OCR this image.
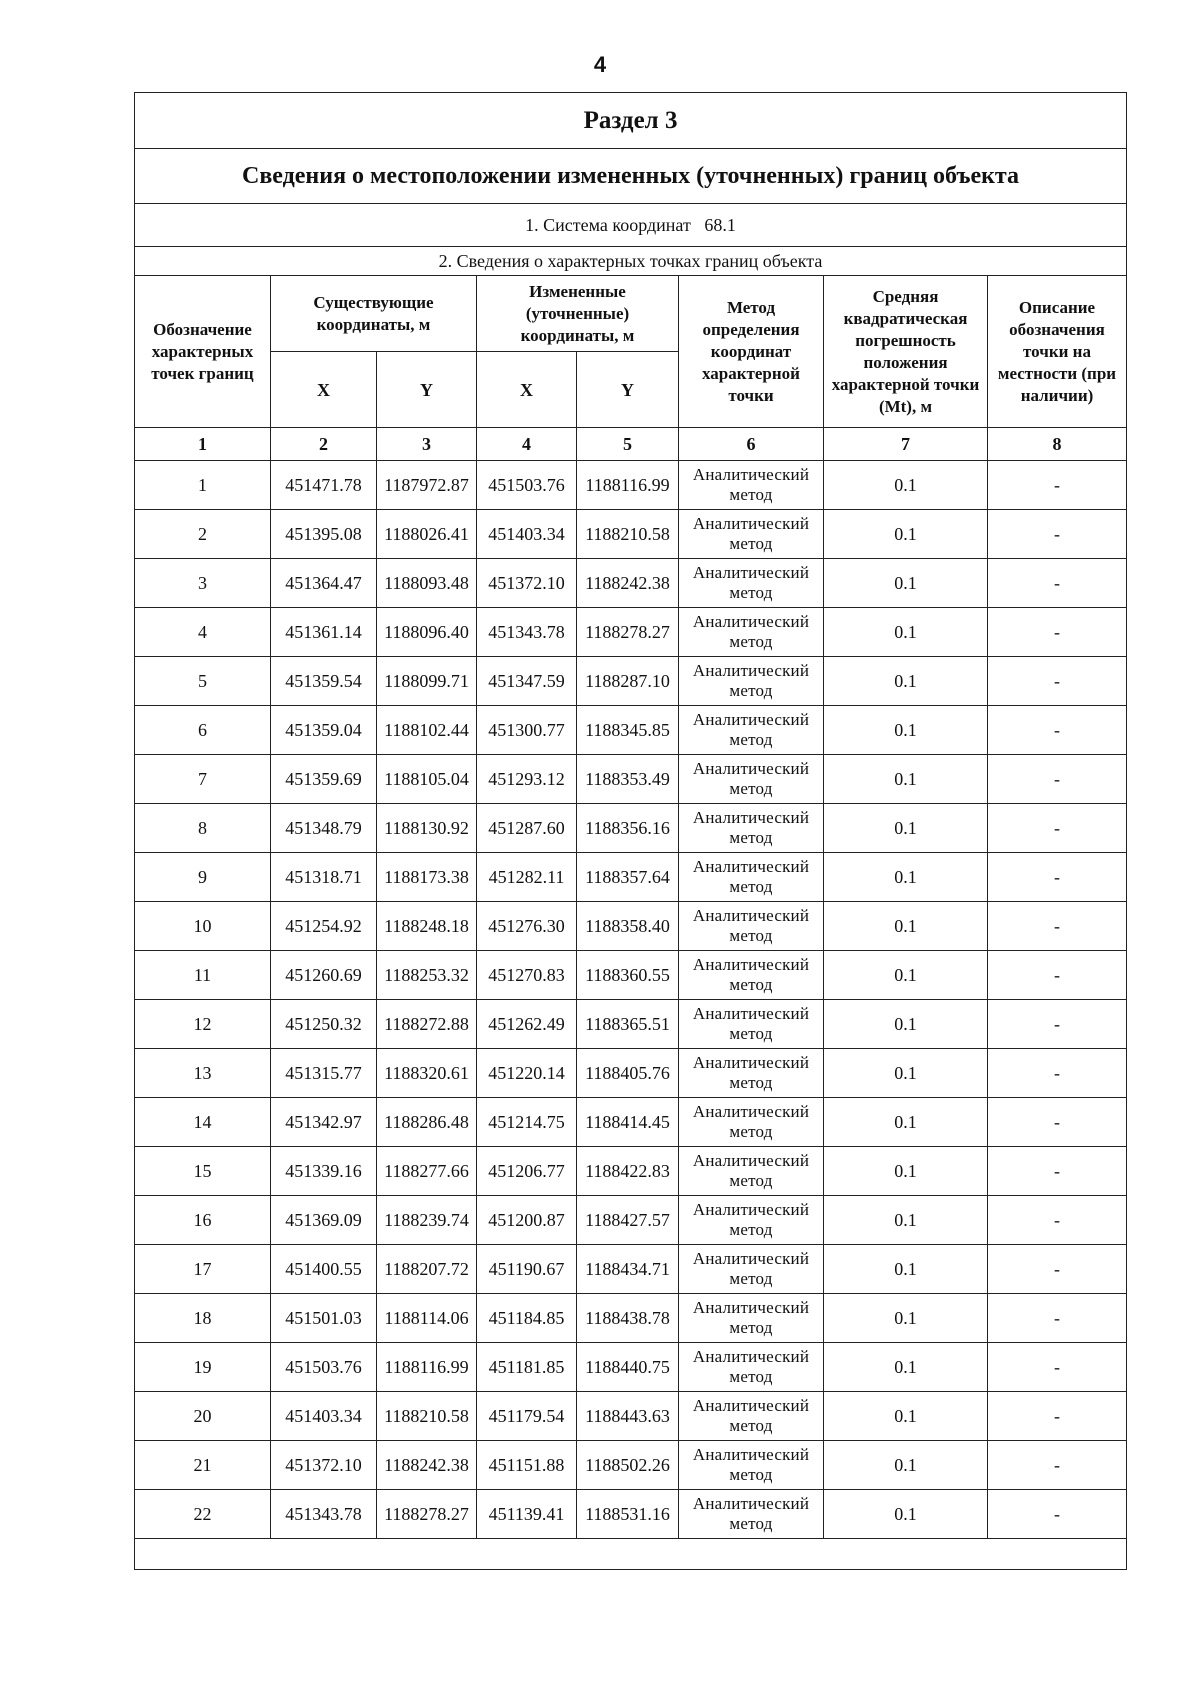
4
Раздел 3							
Сведения о местоположении измененных (уточненных) границ объекта							
1. Система координат 68.1							
2. Сведения о характерных точках границ объекта							
Обозначение характерных точек границ	Существующие координаты, м		Измененные (уточненные) координаты, м		Метод определения координат характерной точки	Средняя квадратическая погрешность положения характерной точки (Mt), м	Описание обозначения точки на местности (при наличии)
	X	Y	X	Y			
1	2	3	4	5	6	7	8
1	451471.78	1187972.87	451503.76	1188116.99	Аналитический метод	0.1	-
2	451395.08	1188026.41	451403.34	1188210.58	Аналитический метод	0.1	-
3	451364.47	1188093.48	451372.10	1188242.38	Аналитический метод	0.1	-
4	451361.14	1188096.40	451343.78	1188278.27	Аналитический метод	0.1	-
5	451359.54	1188099.71	451347.59	1188287.10	Аналитический метод	0.1	-
6	451359.04	1188102.44	451300.77	1188345.85	Аналитический метод	0.1	-
7	451359.69	1188105.04	451293.12	1188353.49	Аналитический метод	0.1	-
8	451348.79	1188130.92	451287.60	1188356.16	Аналитический метод	0.1	-
9	451318.71	1188173.38	451282.11	1188357.64	Аналитический метод	0.1	-
10	451254.92	1188248.18	451276.30	1188358.40	Аналитический метод	0.1	-
11	451260.69	1188253.32	451270.83	1188360.55	Аналитический метод	0.1	-
12	451250.32	1188272.88	451262.49	1188365.51	Аналитический метод	0.1	-
13	451315.77	1188320.61	451220.14	1188405.76	Аналитический метод	0.1	-
14	451342.97	1188286.48	451214.75	1188414.45	Аналитический метод	0.1	-
15	451339.16	1188277.66	451206.77	1188422.83	Аналитический метод	0.1	-
16	451369.09	1188239.74	451200.87	1188427.57	Аналитический метод	0.1	-
17	451400.55	1188207.72	451190.67	1188434.71	Аналитический метод	0.1	-
18	451501.03	1188114.06	451184.85	1188438.78	Аналитический метод	0.1	-
19	451503.76	1188116.99	451181.85	1188440.75	Аналитический метод	0.1	-
20	451403.34	1188210.58	451179.54	1188443.63	Аналитический метод	0.1	-
21	451372.10	1188242.38	451151.88	1188502.26	Аналитический метод	0.1	-
22	451343.78	1188278.27	451139.41	1188531.16	Аналитический метод	0.1	-
